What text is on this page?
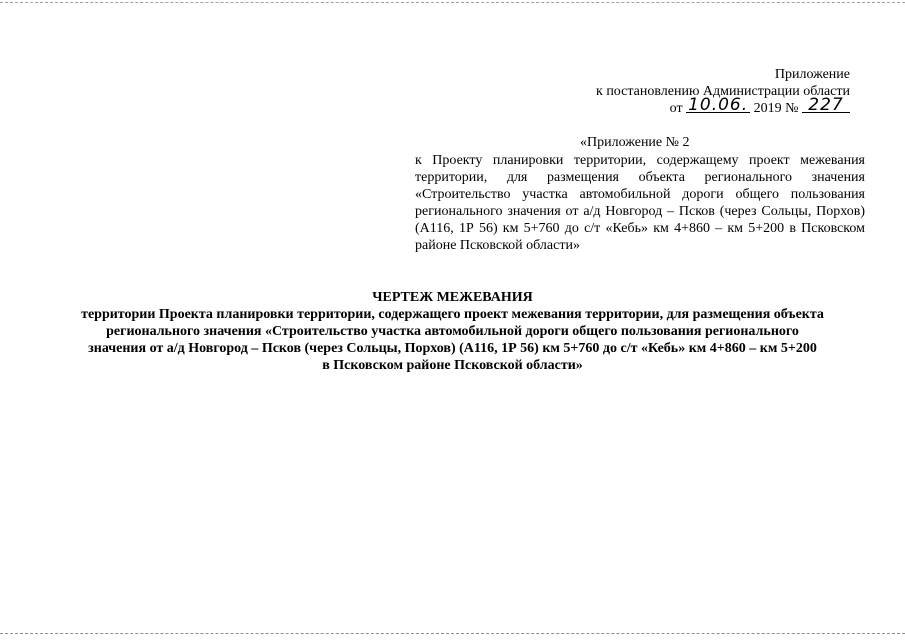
Приложение
к постановлению Администрации области
от 10.06. 2019 № 227
«Приложение № 2
к Проекту планировки территории, содержащему проект межевания территории, для размещения объекта регионального значения «Строительство участка автомобильной дороги общего пользования регионального значения от а/д Новгород – Псков (через Сольцы, Порхов) (А116, 1Р 56) км 5+760 до с/т «Кебь» км 4+860 – км 5+200 в Псковском районе Псковской области»
ЧЕРТЕЖ МЕЖЕВАНИЯ
территории Проекта планировки территории, содержащего проект межевания территории, для размещения объекта
регионального значения «Строительство участка автомобильной дороги общего пользования регионального
значения от а/д Новгород – Псков (через Сольцы, Порхов) (А116, 1Р 56) км 5+760 до с/т «Кебь» км 4+860 – км 5+200
в Псковском районе Псковской области»
